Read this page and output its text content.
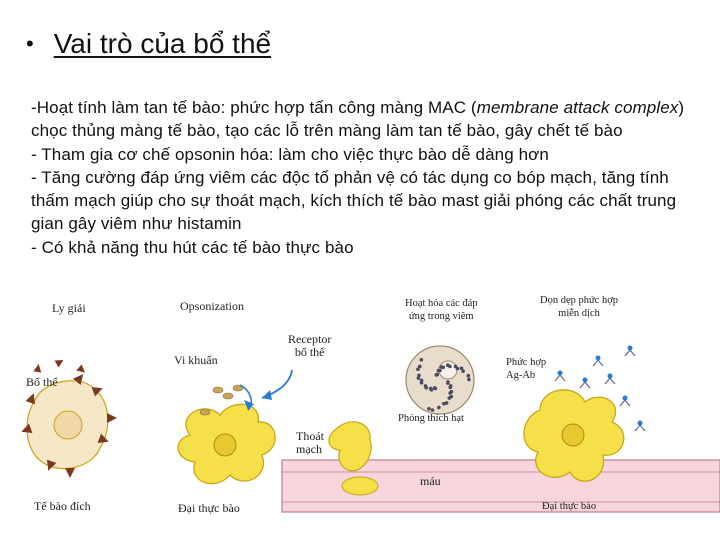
• Vai trò của bổ thể

-Hoạt tính làm tan tế bào: phức hợp tấn công màng MAC (membrane attack complex) chọc thủng màng tế bào, tạo các lỗ trên màng làm tan tế bào, gây chết tế bào

- Tham gia cơ chế opsonin hóa: làm cho việc thực bào dễ dàng hơn

- Tăng cường đáp ứng viêm các độc tố phản vệ có tác dụng co bóp mạch, tăng tính thấm mạch giúp cho sự thoát mạch, kích thích tế bào mast giải phóng các chất trung gian gây viêm như histamin

- Có khả năng thu hút các tế bào thực bào

Ly giải
Bổ thể
Tế bào đích
Opsonization
Vi khuẩn
Receptor
bổ thể
Đại thực bào
Thoát
mạch
máu
Hoạt hóa các đáp
ứng trong viêm
Phóng thích hạt
Dọn dẹp phức hợp
miễn dịch
Phức hợp
Ag-Ab
Đại thực bào
